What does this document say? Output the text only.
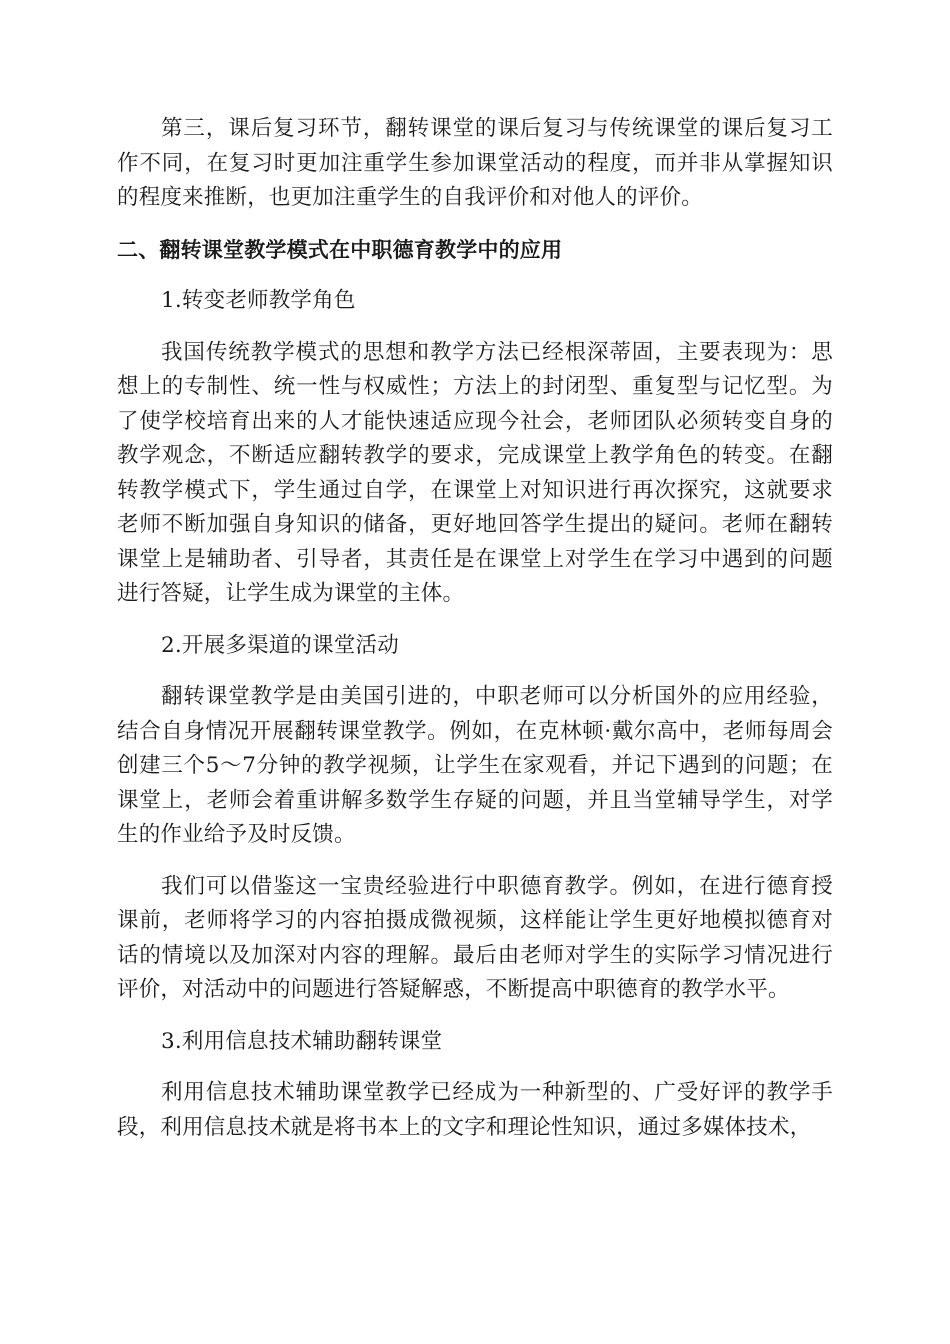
第三，课后复习环节，翻转课堂的课后复习与传统课堂的课后复习工作不同，在复习时更加注重学生参加课堂活动的程度，而并非从掌握知识的程度来推断，也更加注重学生的自我评价和对他人的评价。

二、翻转课堂教学模式在中职德育教学中的应用

1.转变老师教学角色

我国传统教学模式的思想和教学方法已经根深蒂固，主要表现为：思想上的专制性、统一性与权威性；方法上的封闭型、重复型与记忆型。为了使学校培育出来的人才能快速适应现今社会，老师团队必须转变自身的教学观念，不断适应翻转教学的要求，完成课堂上教学角色的转变。在翻转教学模式下，学生通过自学，在课堂上对知识进行再次探究，这就要求老师不断加强自身知识的储备，更好地回答学生提出的疑问。老师在翻转课堂上是辅助者、引导者，其责任是在课堂上对学生在学习中遇到的问题进行答疑，让学生成为课堂的主体。

2.开展多渠道的课堂活动

翻转课堂教学是由美国引进的，中职老师可以分析国外的应用经验，结合自身情况开展翻转课堂教学。例如，在克林顿·戴尔高中，老师每周会创建三个5～7分钟的教学视频，让学生在家观看，并记下遇到的问题；在课堂上，老师会着重讲解多数学生存疑的问题，并且当堂辅导学生，对学生的作业给予及时反馈。

我们可以借鉴这一宝贵经验进行中职德育教学。例如，在进行德育授课前，老师将学习的内容拍摄成微视频，这样能让学生更好地模拟德育对话的情境以及加深对内容的理解。最后由老师对学生的实际学习情况进行评价，对活动中的问题进行答疑解惑，不断提高中职德育的教学水平。

3.利用信息技术辅助翻转课堂

利用信息技术辅助课堂教学已经成为一种新型的、广受好评的教学手段，利用信息技术就是将书本上的文字和理论性知识，通过多媒体技术，
